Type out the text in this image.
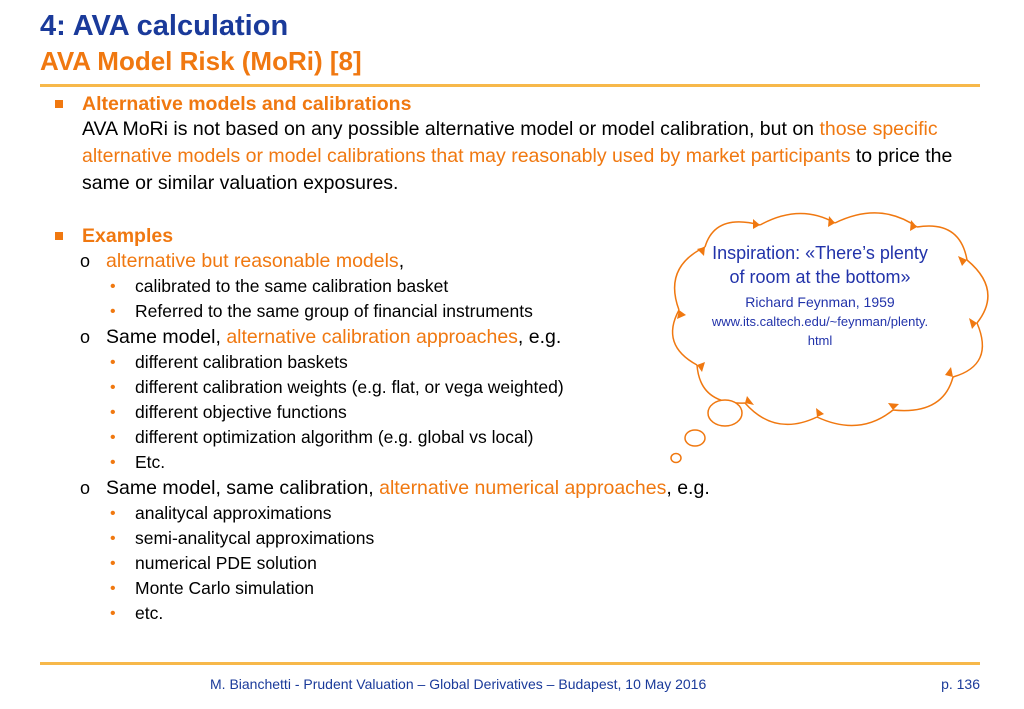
4: AVA calculation
AVA Model Risk (MoRi) [8]
Alternative models and calibrations
AVA MoRi is not based on any possible alternative model or model calibration, but on those specific alternative models or model calibrations that may reasonably used by market participants to price the same or similar valuation exposures.
Examples
o alternative but reasonable models,
• calibrated to the same calibration basket
• Referred to the same group of financial instruments
o Same model, alternative calibration approaches, e.g.
• different calibration baskets
• different calibration weights (e.g. flat, or vega weighted)
• different objective functions
• different optimization algorithm (e.g. global vs local)
• Etc.
o Same model, same calibration, alternative numerical approaches, e.g.
• analitycal approximations
• semi-analitycal approximations
• numerical PDE solution
• Monte Carlo simulation
• etc.
Inspiration: «There’s plenty of room at the bottom»
Richard Feynman, 1959
www.its.caltech.edu/~feynman/plenty.html
M. Bianchetti - Prudent Valuation – Global Derivatives – Budapest, 10 May 2016	p. 136
